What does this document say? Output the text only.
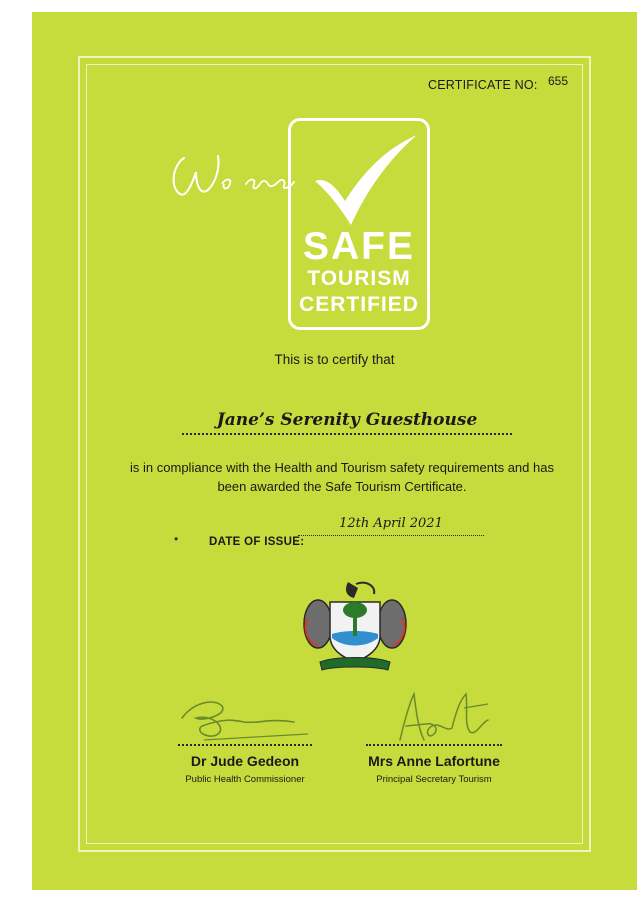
CERTIFICATE NO: 655
SAFE
TOURISM
CERTIFIED
This is to certify that
Jane’s Serenity Guesthouse
is in compliance with the Health and Tourism safety requirements and has been awarded the Safe Tourism Certificate.
•	DATE OF ISSUE:
12th April 2021
Dr Jude Gedeon
Public Health Commissioner
Mrs Anne Lafortune
Principal Secretary Tourism
